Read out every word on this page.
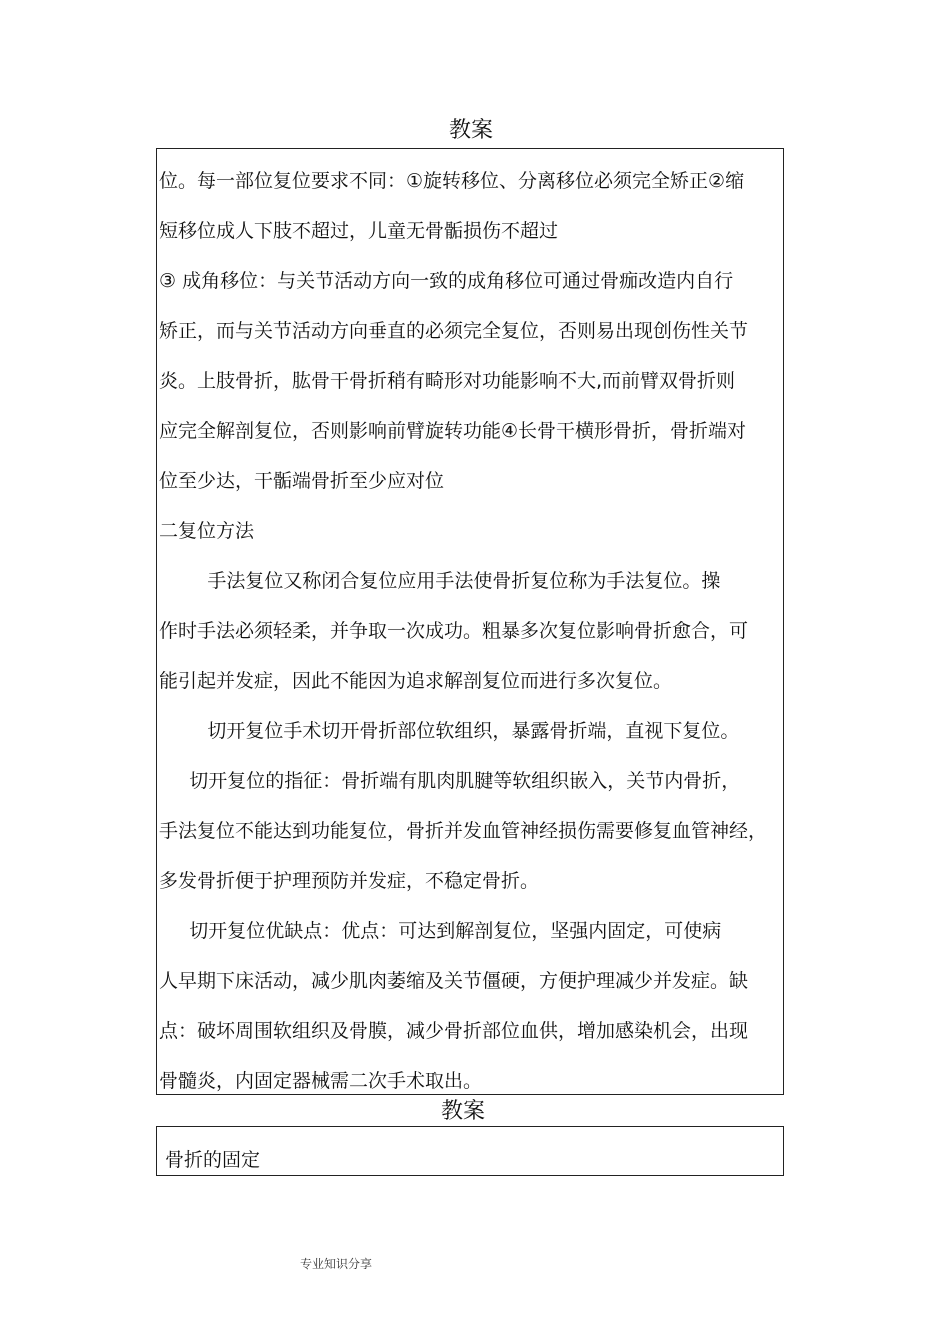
教案
位。每一部位复位要求不同：①旋转移位、分离移位必须完全矫正②缩
短移位成人下肢不超过，儿童无骨骺损伤不超过
③ 成角移位：与关节活动方向一致的成角移位可通过骨痂改造内自行
矫正，而与关节活动方向垂直的必须完全复位，否则易出现创伤性关节
炎。上肢骨折，肱骨干骨折稍有畸形对功能影响不大,而前臂双骨折则
应完全解剖复位，否则影响前臂旋转功能④长骨干横形骨折，骨折端对
位至少达，干骺端骨折至少应对位
二复位方法
手法复位又称闭合复位应用手法使骨折复位称为手法复位。操
作时手法必须轻柔，并争取一次成功。粗暴多次复位影响骨折愈合，可
能引起并发症，因此不能因为追求解剖复位而进行多次复位。
切开复位手术切开骨折部位软组织，暴露骨折端，直视下复位。
切开复位的指征：骨折端有肌肉肌腱等软组织嵌入，关节内骨折，
手法复位不能达到功能复位，骨折并发血管神经损伤需要修复血管神经，
多发骨折便于护理预防并发症，不稳定骨折。
切开复位优缺点：优点：可达到解剖复位，坚强内固定，可使病
人早期下床活动，减少肌肉萎缩及关节僵硬，方便护理减少并发症。缺
点：破坏周围软组织及骨膜，减少骨折部位血供，增加感染机会，出现
骨髓炎，内固定器械需二次手术取出。
教案
骨折的固定
专业知识分享
